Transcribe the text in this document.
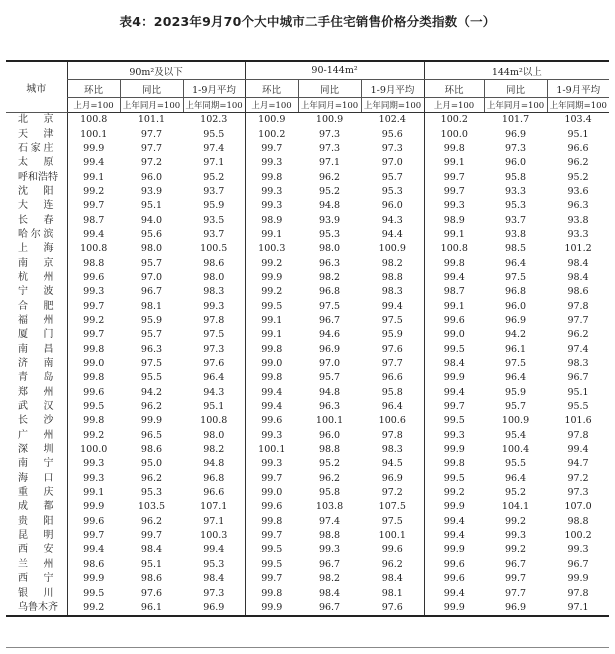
表4：2023年9月70个大中城市二手住宅销售价格分类指数（一）
城市	90m²及以下			90-144m²			144m²以上		
	环比	同比	1-9月平均	环比	同比	1-9月平均	环比	同比	1-9月平均
	上月=100	上年同月=100	上年同期=100	上月=100	上年同月=100	上年同期=100	上月=100	上年同月=100	上年同期=100
北 京	100.8	101.1	102.3	100.9	100.9	102.4	100.2	101.7	103.4
天 津	100.1	97.7	95.5	100.2	97.3	95.6	100.0	96.9	95.1
石家庄	99.9	97.7	97.4	99.7	97.3	97.3	99.8	97.3	96.6
太 原	99.4	97.2	97.1	99.3	97.1	97.0	99.1	96.0	96.2
呼和浩特	99.1	96.0	95.2	99.8	96.2	95.7	99.7	95.8	95.2
沈 阳	99.2	93.9	93.7	99.3	95.2	95.3	99.7	93.3	93.6
大 连	99.7	95.1	95.9	99.3	94.8	96.0	99.3	95.3	96.3
长 春	98.7	94.0	93.5	98.9	93.9	94.3	98.9	93.7	93.8
哈尔滨	99.4	95.6	93.7	99.1	95.3	94.4	99.1	93.8	93.3
上 海	100.8	98.0	100.5	100.3	98.0	100.9	100.8	98.5	101.2
南 京	98.8	95.7	98.6	99.2	96.3	98.2	99.8	96.4	98.4
杭 州	99.6	97.0	98.0	99.9	98.2	98.8	99.4	97.5	98.4
宁 波	99.3	96.7	98.3	99.2	96.8	98.3	98.7	96.8	98.6
合 肥	99.7	98.1	99.3	99.5	97.5	99.4	99.1	96.0	97.8
福 州	99.2	95.9	97.8	99.1	96.7	97.5	99.6	96.9	97.7
厦 门	99.7	95.7	97.5	99.1	94.6	95.9	99.0	94.2	96.2
南 昌	99.8	96.3	97.3	99.8	96.9	97.6	99.5	96.1	97.4
济 南	99.0	97.5	97.6	99.0	97.0	97.7	98.4	97.5	98.3
青 岛	99.8	95.5	96.4	99.8	95.7	96.6	99.9	96.4	96.7
郑 州	99.6	94.2	94.3	99.4	94.8	95.8	99.4	95.9	95.1
武 汉	99.5	96.2	95.1	99.4	96.3	96.4	99.7	95.7	95.5
长 沙	99.8	99.9	100.8	99.6	100.1	100.6	99.5	100.9	101.6
广 州	99.2	96.5	98.0	99.3	96.0	97.8	99.3	95.4	97.8
深 圳	100.0	98.6	98.2	100.1	98.8	98.3	99.9	100.4	99.4
南 宁	99.3	95.0	94.8	99.3	95.2	94.5	99.8	95.5	94.7
海 口	99.3	96.2	96.8	99.7	96.2	96.9	99.5	96.4	97.2
重 庆	99.1	95.3	96.6	99.0	95.8	97.2	99.2	95.2	97.3
成 都	99.9	103.5	107.1	99.6	103.8	107.5	99.9	104.1	107.0
贵 阳	99.6	96.2	97.1	99.8	97.4	97.5	99.4	99.2	98.8
昆 明	99.7	99.7	100.3	99.7	98.8	100.1	99.4	99.3	100.2
西 安	99.4	98.4	99.4	99.5	99.3	99.6	99.9	99.2	99.3
兰 州	98.6	95.1	95.3	99.5	96.7	96.2	99.6	96.7	96.7
西 宁	99.9	98.6	98.4	99.7	98.2	98.4	99.6	99.7	99.9
银 川	99.5	97.6	97.3	99.8	98.4	98.1	99.4	97.7	97.8
乌鲁木齐	99.2	96.1	96.9	99.9	96.7	97.6	99.9	96.9	97.1
